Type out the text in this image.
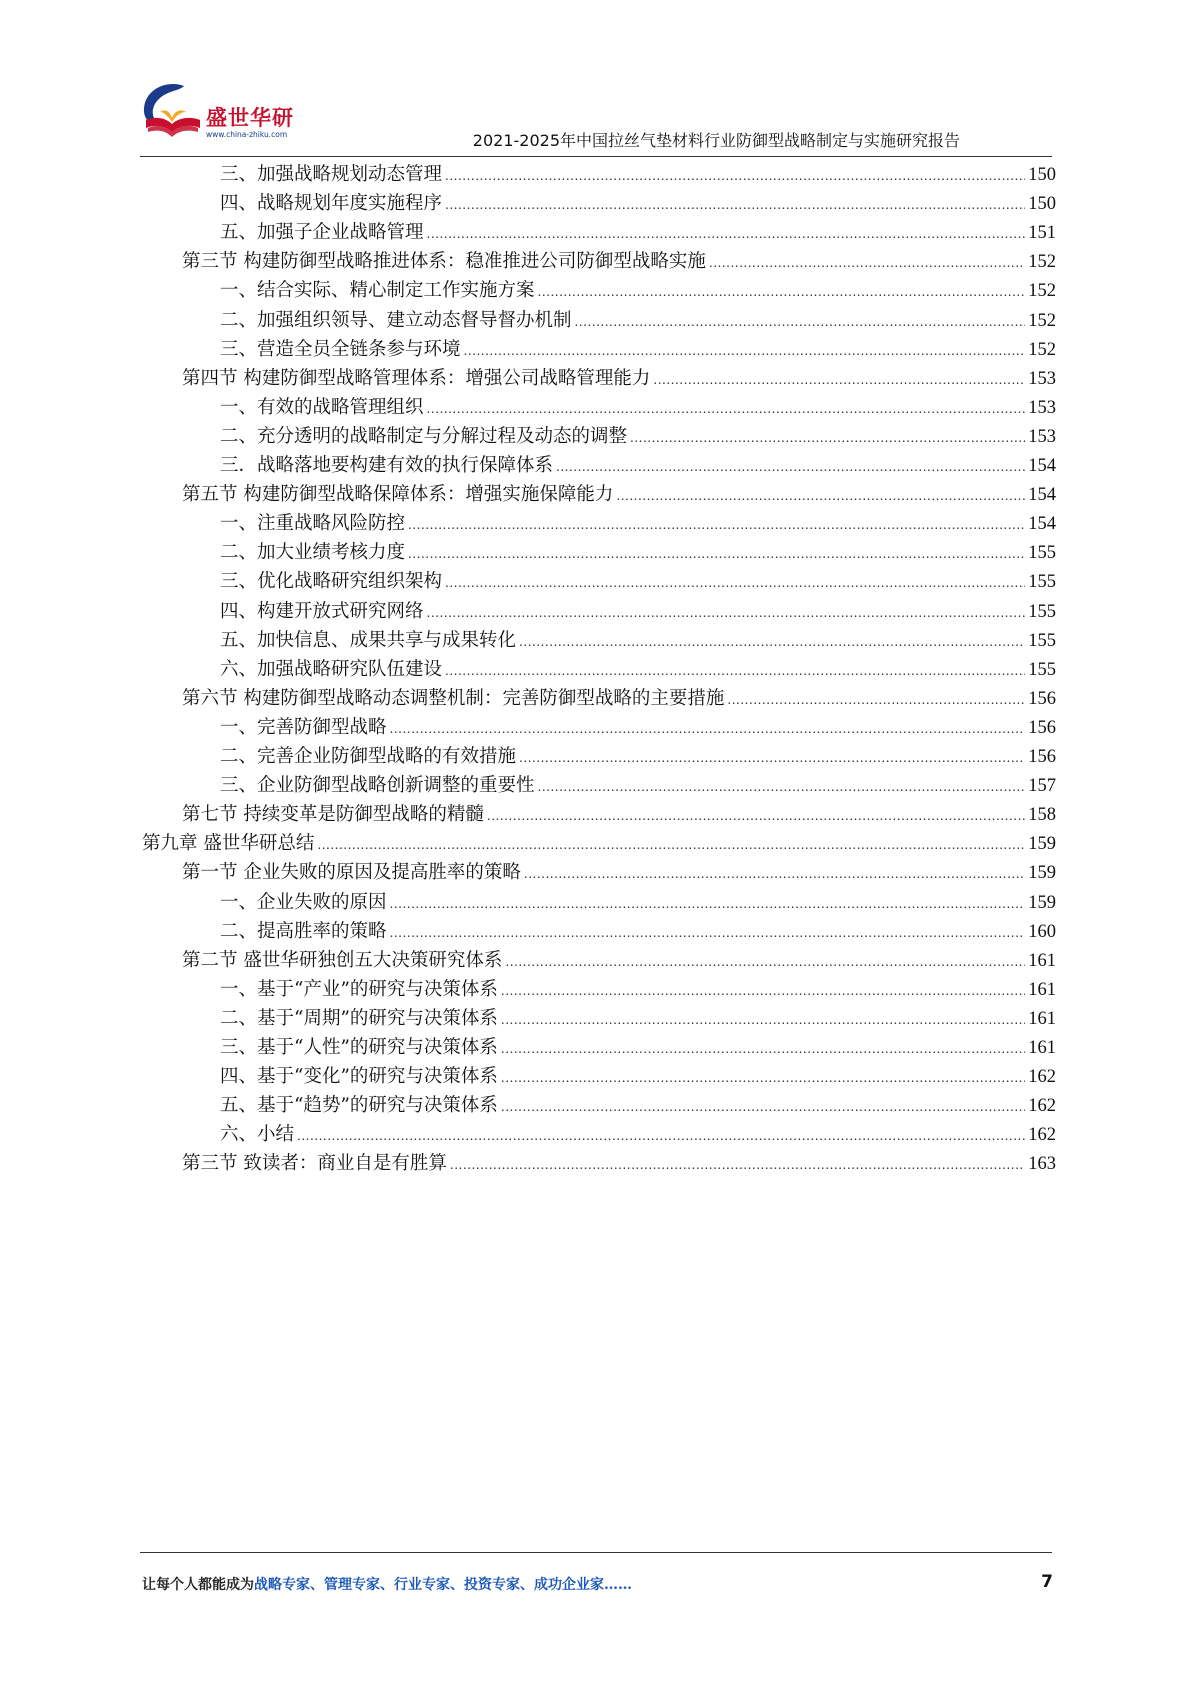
盛世华研
www.china-zhiku.com	2021-2025年中国拉丝气垫材料行业防御型战略制定与实施研究报告
三、加强战略规划动态管理 .....	150
四、战略规划年度实施程序 .....	150
五、加强子企业战略管理 .....	151
第三节 构建防御型战略推进体系：稳准推进公司防御型战略实施 .....	152
一、结合实际、精心制定工作实施方案 .....	152
二、加强组织领导、建立动态督导督办机制 .....	152
三、营造全员全链条参与环境 .....	152
第四节 构建防御型战略管理体系：增强公司战略管理能力 .....	153
一、有效的战略管理组织 .....	153
二、充分透明的战略制定与分解过程及动态的调整 .....	153
三．战略落地要构建有效的执行保障体系 .....	154
第五节 构建防御型战略保障体系：增强实施保障能力 .....	154
一、注重战略风险防控 .....	154
二、加大业绩考核力度 .....	155
三、优化战略研究组织架构 .....	155
四、构建开放式研究网络 .....	155
五、加快信息、成果共享与成果转化 .....	155
六、加强战略研究队伍建设 .....	155
第六节 构建防御型战略动态调整机制：完善防御型战略的主要措施 .....	156
一、完善防御型战略 .....	156
二、完善企业防御型战略的有效措施 .....	156
三、企业防御型战略创新调整的重要性 .....	157
第七节 持续变革是防御型战略的精髓 .....	158
第九章 盛世华研总结 .....	159
第一节 企业失败的原因及提高胜率的策略 .....	159
一、企业失败的原因 .....	159
二、提高胜率的策略 .....	160
第二节 盛世华研独创五大决策研究体系 .....	161
一、基于“产业”的研究与决策体系 .....	161
二、基于“周期”的研究与决策体系 .....	161
三、基于“人性”的研究与决策体系 .....	161
四、基于“变化”的研究与决策体系 .....	162
五、基于“趋势”的研究与决策体系 .....	162
六、小结 .....	162
第三节 致读者：商业自是有胜算 .....	163
让每个人都能成为战略专家、管理专家、行业专家、投资专家、成功企业家……	7
